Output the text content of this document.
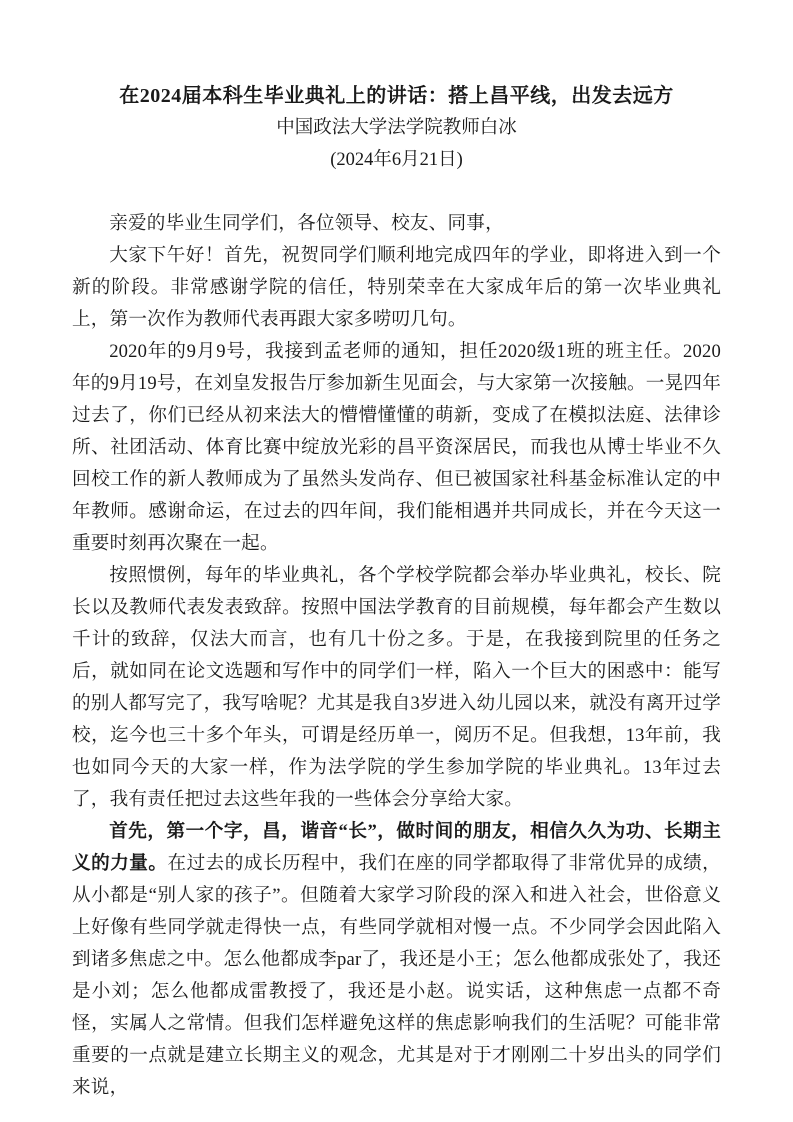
在2024届本科生毕业典礼上的讲话：搭上昌平线，出发去远方

中国政法大学法学院教师白冰

(2024年6月21日)

亲爱的毕业生同学们，各位领导、校友、同事，

大家下午好！首先，祝贺同学们顺利地完成四年的学业，即将进入到一个新的阶段。非常感谢学院的信任，特别荣幸在大家成年后的第一次毕业典礼上，第一次作为教师代表再跟大家多唠叨几句。

2020年的9月9号，我接到孟老师的通知，担任2020级1班的班主任。2020年的9月19号，在刘皇发报告厅参加新生见面会，与大家第一次接触。一晃四年过去了，你们已经从初来法大的懵懵懂懂的萌新，变成了在模拟法庭、法律诊所、社团活动、体育比赛中绽放光彩的昌平资深居民，而我也从博士毕业不久回校工作的新人教师成为了虽然头发尚存、但已被国家社科基金标准认定的中年教师。感谢命运，在过去的四年间，我们能相遇并共同成长，并在今天这一重要时刻再次聚在一起。

按照惯例，每年的毕业典礼，各个学校学院都会举办毕业典礼，校长、院长以及教师代表发表致辞。按照中国法学教育的目前规模，每年都会产生数以千计的致辞，仅法大而言，也有几十份之多。于是，在我接到院里的任务之后，就如同在论文选题和写作中的同学们一样，陷入一个巨大的困惑中：能写的别人都写完了，我写啥呢？尤其是我自3岁进入幼儿园以来，就没有离开过学校，迄今也三十多个年头，可谓是经历单一，阅历不足。但我想，13年前，我也如同今天的大家一样，作为法学院的学生参加学院的毕业典礼。13年过去了，我有责任把过去这些年我的一些体会分享给大家。

首先，第一个字，昌，谐音“长”，做时间的朋友，相信久久为功、长期主义的力量。在过去的成长历程中，我们在座的同学都取得了非常优异的成绩，从小都是“别人家的孩子”。但随着大家学习阶段的深入和进入社会，世俗意义上好像有些同学就走得快一点，有些同学就相对慢一点。不少同学会因此陷入到诸多焦虑之中。怎么他都成李par了，我还是小王；怎么他都成张处了，我还是小刘；怎么他都成雷教授了，我还是小赵。说实话，这种焦虑一点都不奇怪，实属人之常情。但我们怎样避免这样的焦虑影响我们的生活呢？可能非常重要的一点就是建立长期主义的观念，尤其是对于才刚刚二十岁出头的同学们来说，
